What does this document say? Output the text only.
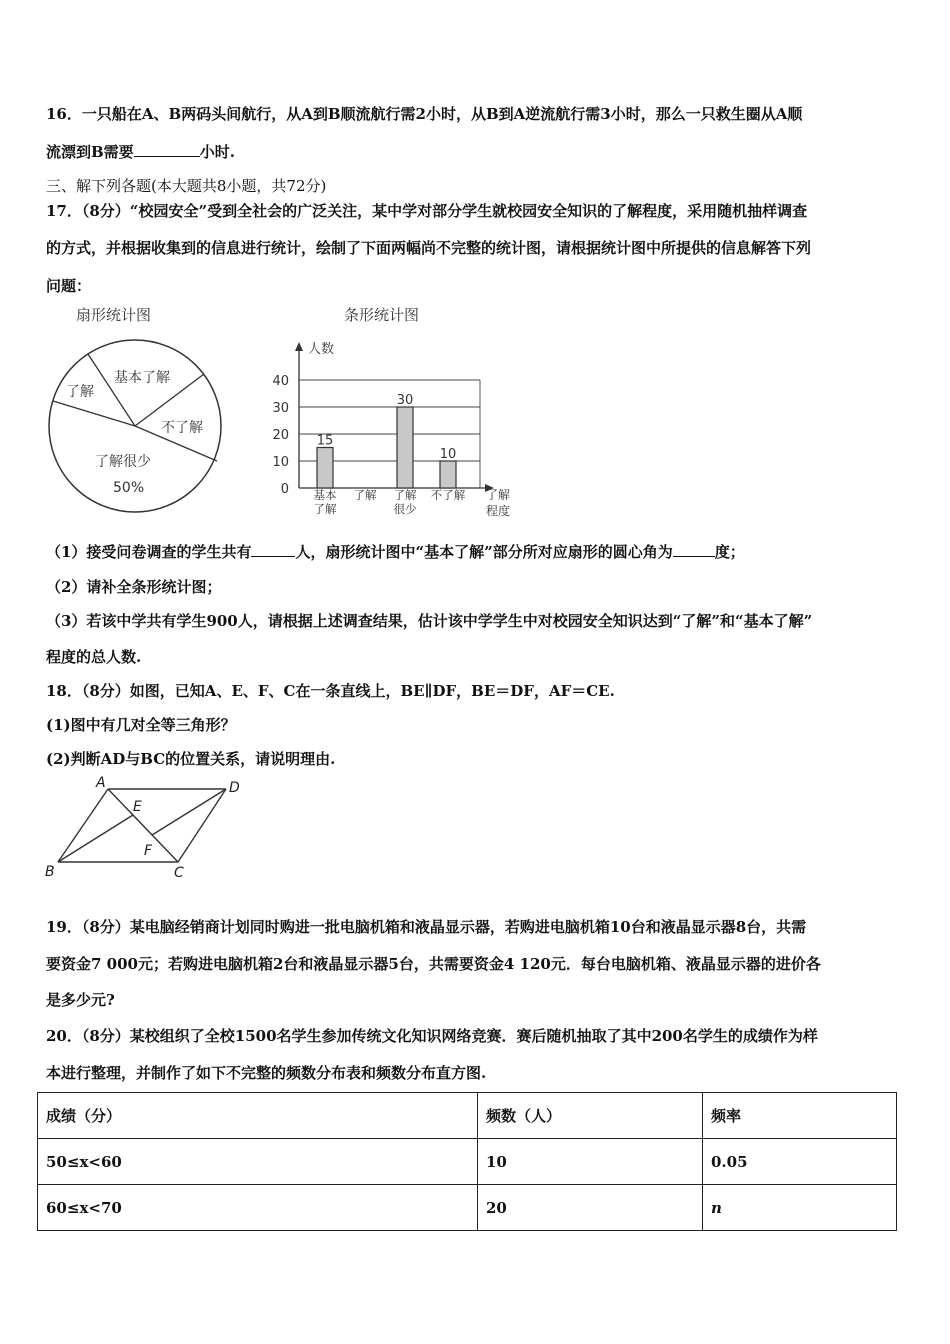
16．一只船在A、B两码头间航行，从A到B顺流航行需2小时，从B到A逆流航行需3小时，那么一只救生圈从A顺
流漂到B需要	小时.
三、解下列各题(本大题共8小题，共72分)
17．（8分）“校园安全”受到全社会的广泛关注，某中学对部分学生就校园安全知识的了解程度，采用随机抽样调查
的方式，并根据收集到的信息进行统计，绘制了下面两幅尚不完整的统计图，请根据统计图中所提供的信息解答下列
问题：
扇形统计图
基本了解
了解
不了解
了解很少
50%
条形统计图
人数
0
10
20
30
40
15
30
10
基本了解
了解 了解很少
不了解 了解 程度
（1）接受问卷调查的学生共有	人，扇形统计图中“基本了解”部分所对应扇形的圆心角为	度；
（2）请补全条形统计图；
（3）若该中学共有学生900人，请根据上述调查结果，估计该中学学生中对校园安全知识达到“了解”和“基本了解”
程度的总人数.
18．（8分）如图，已知A、E、F、C在一条直线上，BE∥DF，BE＝DF，AF＝CE.
(1)图中有几对全等三角形？
(2)判断AD与BC的位置关系，请说明理由.
A	D
E
F
B	C
19．（8分）某电脑经销商计划同时购进一批电脑机箱和液晶显示器，若购进电脑机箱10台和液晶显示器8台，共需
要资金7 000元；若购进电脑机箱2台和液晶显示器5台，共需要资金4 120元．每台电脑机箱、液晶显示器的进价各
是多少元?
20．（8分）某校组织了全校1500名学生参加传统文化知识网络竞赛．赛后随机抽取了其中200名学生的成绩作为样
本进行整理，并制作了如下不完整的频数分布表和频数分布直方图.
成绩（分）	频数（人）	频率
50≤x<60	10	0.05
60≤x<70	20	n
